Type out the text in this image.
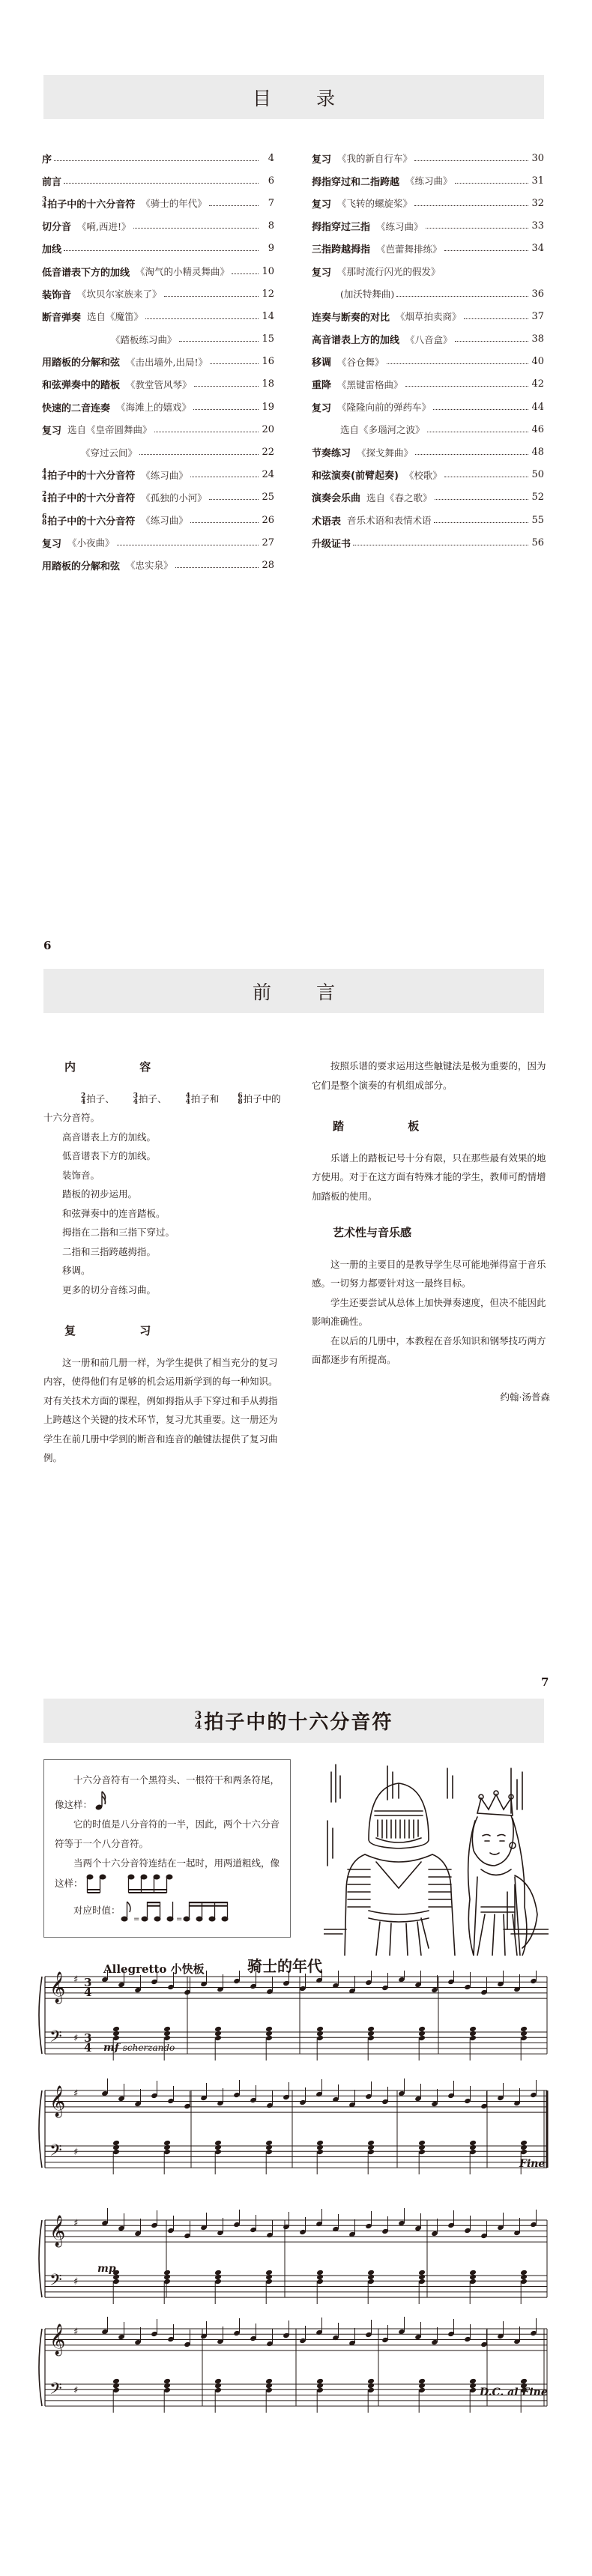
目 录
序	4
前言	6
3
4 拍子中的十六分音符 《骑士的年代》	7
切分音 《嗬,西进!》	8
加线	9
低音谱表下方的加线 《淘气的小精灵舞曲》	10
装饰音 《坎贝尔家族来了》	12
断音弹奏 选自《魔笛》	14
《踏板练习曲》	15
用踏板的分解和弦 《击出墙外,出局!》	16
和弦弹奏中的踏板 《教堂管风琴》	18
快速的二音连奏 《海滩上的嬉戏》	19
复习 选自《皇帝圆舞曲》	20
《穿过云间》	22
4
4 拍子中的十六分音符 《练习曲》	24
2
4 拍子中的十六分音符 《孤独的小河》	25
6
8 拍子中的十六分音符 《练习曲》	26
复习 《小夜曲》	27
用踏板的分解和弦 《忠实泉》	28
复习 《我的新自行车》	30
拇指穿过和二指跨越 《练习曲》	31
复习 《飞转的螺旋桨》	32
拇指穿过三指 《练习曲》	33
三指跨越拇指 《芭蕾舞排练》	34
复习 《那时流行闪光的假发》
(加沃特舞曲)	36
连奏与断奏的对比 《烟草拍卖商》	37
高音谱表上方的加线 《八音盒》	38
移调 《谷仓舞》	40
重降 《黑键雷格曲》	42
复习 《隆隆向前的弹药车》	44
选自《多瑙河之波》	46
节奏练习 《探戈舞曲》	48
和弦演奏(前臂起奏) 《校歌》	50
演奏会乐曲 选自《春之歌》	52
术语表 音乐术语和表情术语	55
升级证书	56
6
前 言
内 容

2
4 拍子、	3
4 拍子、	4
4 拍子和	6
8 拍子中的十六分音符。

高音谱表上方的加线。

低音谱表下方的加线。

装饰音。

踏板的初步运用。

和弦弹奏中的连音踏板。

拇指在二指和三指下穿过。

二指和三指跨越拇指。

移调。

更多的切分音练习曲。

复 习

这一册和前几册一样，为学生提供了相当充分的复习内容，使得他们有足够的机会运用新学到的每一种知识。对有关技术方面的课程，例如拇指从手下穿过和手从拇指上跨越这个关键的技术环节，复习尤其重要。这一册还为学生在前几册中学到的断音和连音的触键法提供了复习曲例。

按照乐谱的要求运用这些触键法是极为重要的，因为它们是整个演奏的有机组成部分。

踏 板

乐谱上的踏板记号十分有限，只在那些最有效果的地方使用。对于在这方面有特殊才能的学生，教师可酌情增加踏板的使用。

艺术性与音乐感

这一册的主要目的是教导学生尽可能地弹得富于音乐感。一切努力都要针对这一最终目标。

学生还要尝试从总体上加快弹奏速度，但决不能因此影响准确性。

在以后的几册中，本教程在音乐知识和钢琴技巧两方面都逐步有所提高。

约翰·汤普森
7
3
4 拍子中的十六分音符

十六分音符有一个黑符头、一根符干和两条符尾，像这样：

它的时值是八分音符的一半，因此，两个十六分音符等于一个八分音符。

当两个十六分音符连结在一起时，用两道粗线，像这样：

对应时值：
=	=
骑士的年代
Allegretto 小快板
𝄞
𝄢
♯
♯
3
4
3
4
𝄞
𝄢
♯
♯
𝄞
𝄢
♯
♯
𝄞
𝄢
♯
♯
mf scherzando
Fine
mp
D.C. al Fine
